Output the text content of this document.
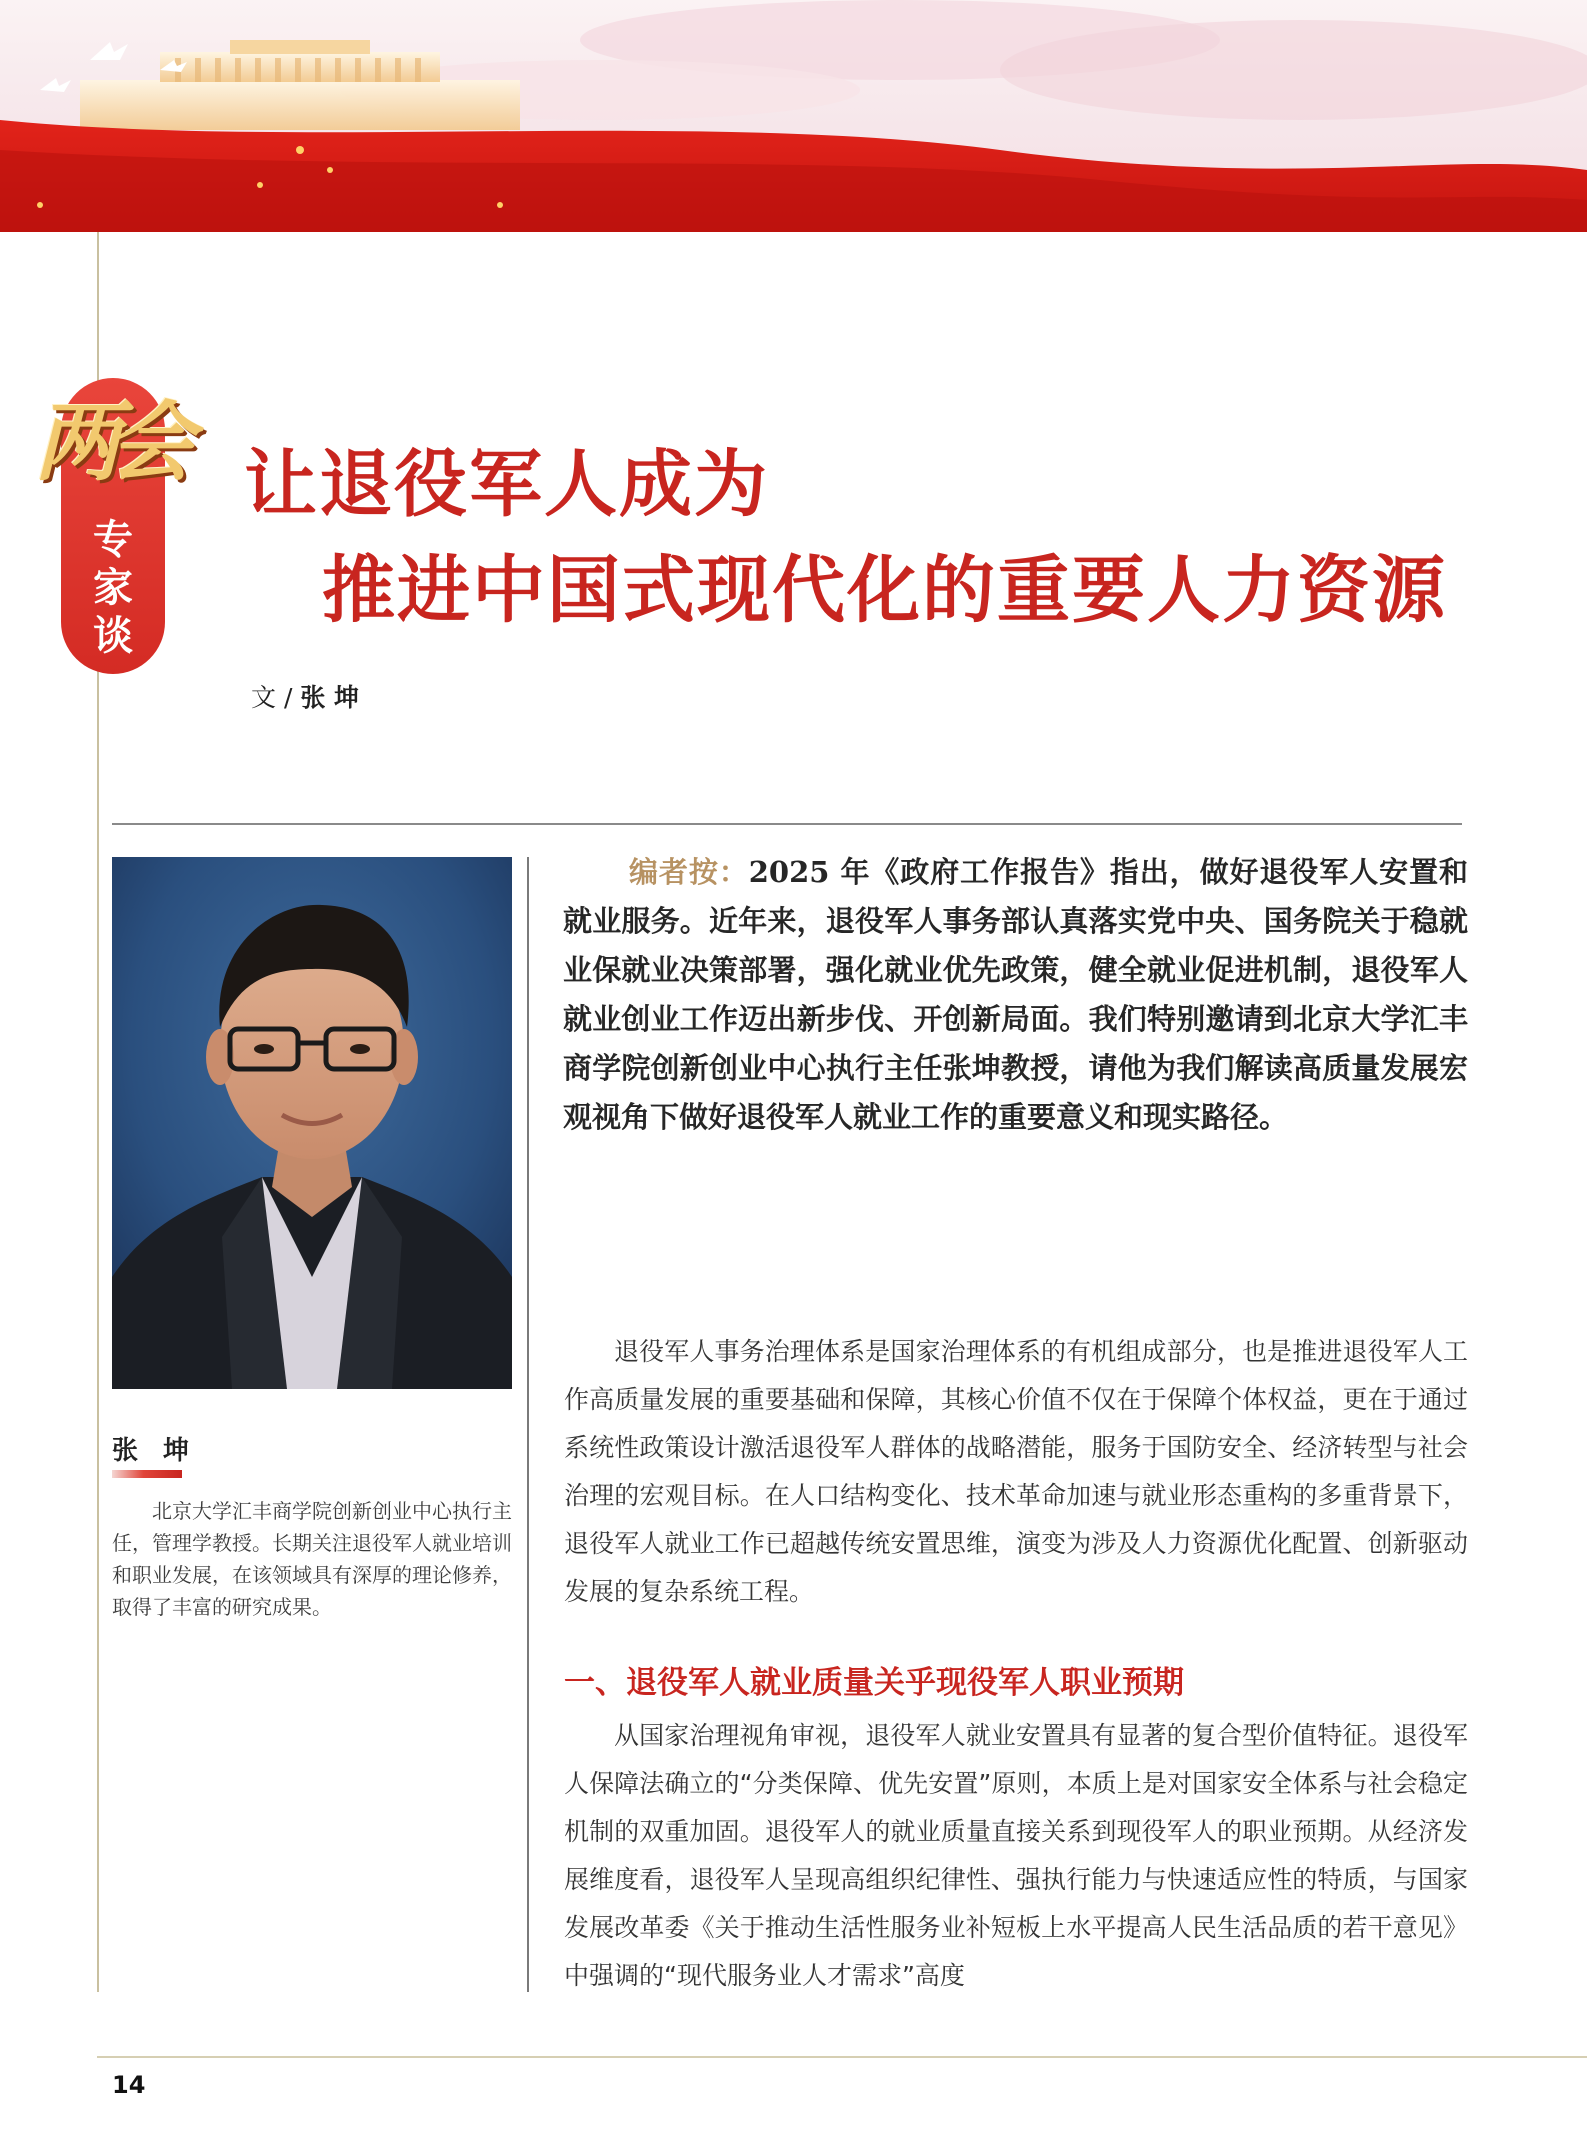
两会
专
家
谈
让退役军人成为
推进中国式现代化的重要人力资源
文 / 张 坤
张 坤
北京大学汇丰商学院创新创业中心执行主任，管理学教授。长期关注退役军人就业培训和职业发展，在该领域具有深厚的理论修养，取得了丰富的研究成果。
编者按：2025 年《政府工作报告》指出，做好退役军人安置和就业服务。近年来，退役军人事务部认真落实党中央、国务院关于稳就业保就业决策部署，强化就业优先政策，健全就业促进机制，退役军人就业创业工作迈出新步伐、开创新局面。我们特别邀请到北京大学汇丰商学院创新创业中心执行主任张坤教授，请他为我们解读高质量发展宏观视角下做好退役军人就业工作的重要意义和现实路径。
退役军人事务治理体系是国家治理体系的有机组成部分，也是推进退役军人工作高质量发展的重要基础和保障，其核心价值不仅在于保障个体权益，更在于通过系统性政策设计激活退役军人群体的战略潜能，服务于国防安全、经济转型与社会治理的宏观目标。在人口结构变化、技术革命加速与就业形态重构的多重背景下，退役军人就业工作已超越传统安置思维，演变为涉及人力资源优化配置、创新驱动发展的复杂系统工程。
一、退役军人就业质量关乎现役军人职业预期
从国家治理视角审视，退役军人就业安置具有显著的复合型价值特征。退役军人保障法确立的“分类保障、优先安置”原则，本质上是对国家安全体系与社会稳定机制的双重加固。退役军人的就业质量直接关系到现役军人的职业预期。从经济发展维度看，退役军人呈现高组织纪律性、强执行能力与快速适应性的特质，与国家发展改革委《关于推动生活性服务业补短板上水平提高人民生活品质的若干意见》中强调的“现代服务业人才需求”高度
14
